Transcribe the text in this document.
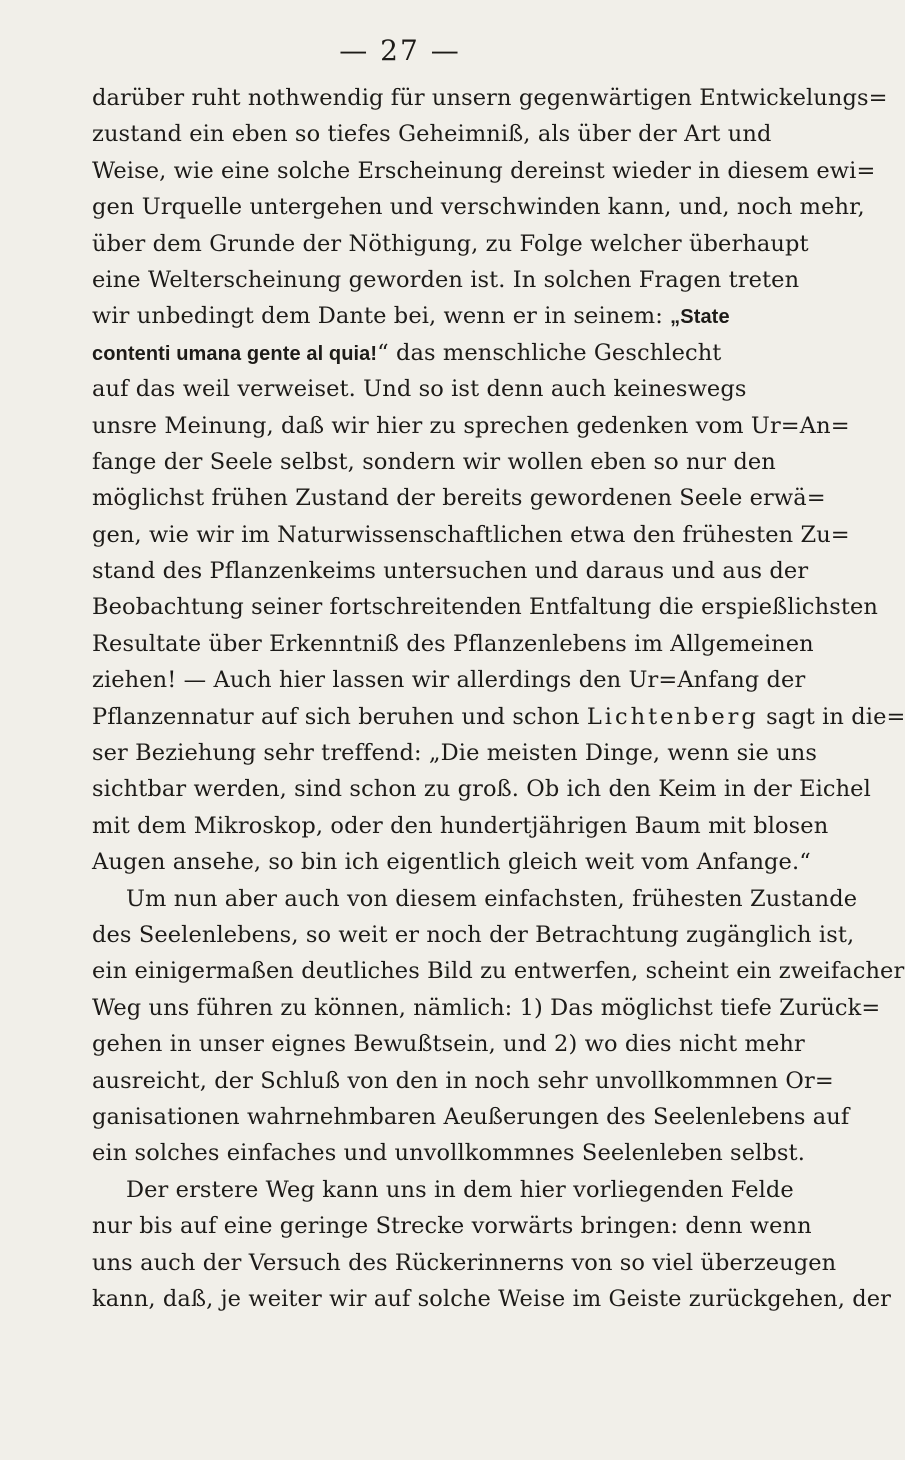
— 27 —
darüber ruht nothwendig für unsern gegenwärtigen Entwickelungs=
zustand ein eben so tiefes Geheimniß, als über der Art und
Weise, wie eine solche Erscheinung dereinst wieder in diesem ewi=
gen Urquelle untergehen und verschwinden kann, und, noch mehr,
über dem Grunde der Nöthigung, zu Folge welcher überhaupt
eine Welterscheinung geworden ist. In solchen Fragen treten
wir unbedingt dem Dante bei, wenn er in seinem: „State
contenti umana gente al quia!“ das menschliche Geschlecht
auf das weil verweiset. Und so ist denn auch keineswegs
unsre Meinung, daß wir hier zu sprechen gedenken vom Ur=An=
fange der Seele selbst, sondern wir wollen eben so nur den
möglichst frühen Zustand der bereits gewordenen Seele erwä=
gen, wie wir im Naturwissenschaftlichen etwa den frühesten Zu=
stand des Pflanzenkeims untersuchen und daraus und aus der
Beobachtung seiner fortschreitenden Entfaltung die erspießlichsten
Resultate über Erkenntniß des Pflanzenlebens im Allgemeinen
ziehen! — Auch hier lassen wir allerdings den Ur=Anfang der
Pflanzennatur auf sich beruhen und schon Lichtenberg sagt in die=
ser Beziehung sehr treffend: „Die meisten Dinge, wenn sie uns
sichtbar werden, sind schon zu groß. Ob ich den Keim in der Eichel
mit dem Mikroskop, oder den hundertjährigen Baum mit blosen
Augen ansehe, so bin ich eigentlich gleich weit vom Anfange.“
Um nun aber auch von diesem einfachsten, frühesten Zustande
des Seelenlebens, so weit er noch der Betrachtung zugänglich ist,
ein einigermaßen deutliches Bild zu entwerfen, scheint ein zweifacher
Weg uns führen zu können, nämlich: 1) Das möglichst tiefe Zurück=
gehen in unser eignes Bewußtsein, und 2) wo dies nicht mehr
ausreicht, der Schluß von den in noch sehr unvollkommnen Or=
ganisationen wahrnehmbaren Aeußerungen des Seelenlebens auf
ein solches einfaches und unvollkommnes Seelenleben selbst.
Der erstere Weg kann uns in dem hier vorliegenden Felde
nur bis auf eine geringe Strecke vorwärts bringen: denn wenn
uns auch der Versuch des Rückerinnerns von so viel überzeugen
kann, daß, je weiter wir auf solche Weise im Geiste zurückgehen, der
